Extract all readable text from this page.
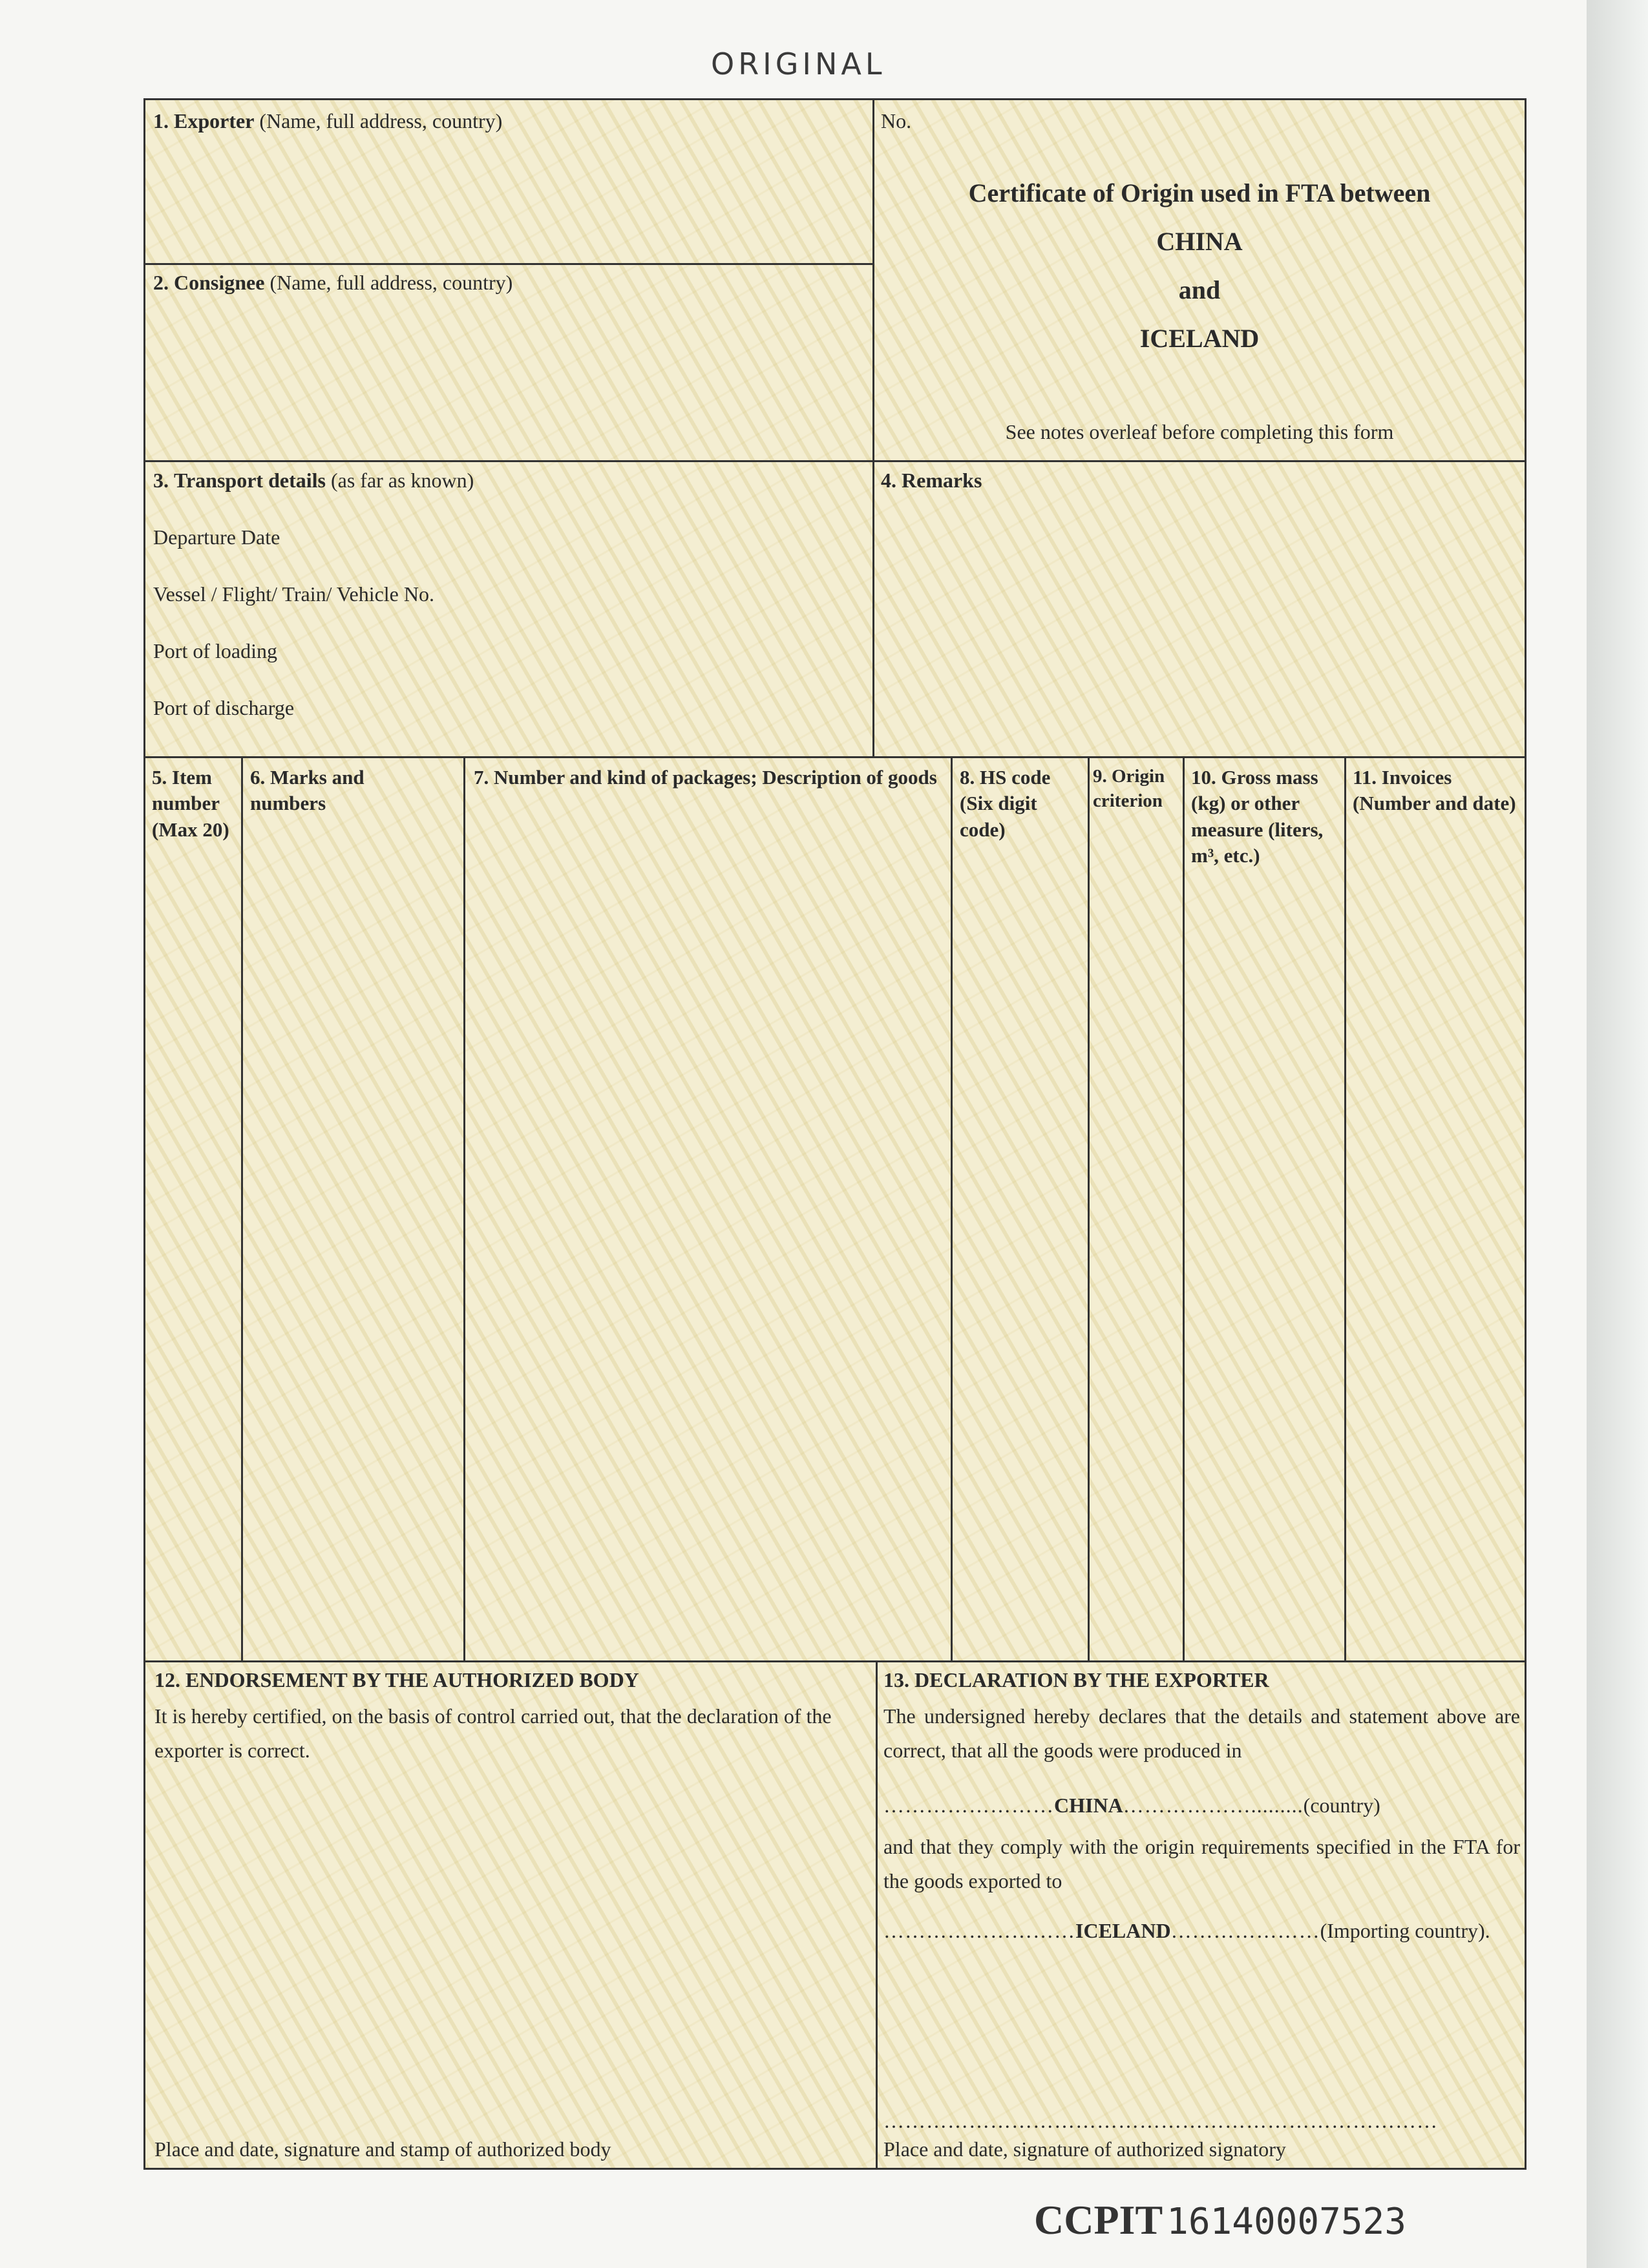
ORIGINAL
1. Exporter (Name, full address, country)	No.
Certificate of Origin used in FTA between
CHINA
and
ICELAND
See notes overleaf before completing this form
2. Consignee (Name, full address, country)
3. Transport details (as far as known)
Departure Date
Vessel / Flight/ Train/ Vehicle No.
Port of loading
Port of discharge
4. Remarks
5. Item number (Max 20)
6. Marks and numbers
7. Number and kind of packages; Description of goods	8. HS code (Six digit code)
9. Origin criterion
10. Gross mass (kg) or other measure (liters, m³, etc.)
11. Invoices (Number and date)
12. ENDORSEMENT BY THE AUTHORIZED BODY
It is hereby certified, on the basis of control carried out, that the declaration of the exporter is correct.
Place and date, signature and stamp of authorized body
13. DECLARATION BY THE EXPORTER
The undersigned hereby declares that the details and statement above are correct, that all the goods were produced in
……………………CHINA……………….........(country)
and that they comply with the origin requirements specified in the FTA for the goods exported to
………………………ICELAND…………………(Importing country).
……………………………………………………………………
Place and date, signature of authorized signatory
CCPIT 16140007523
